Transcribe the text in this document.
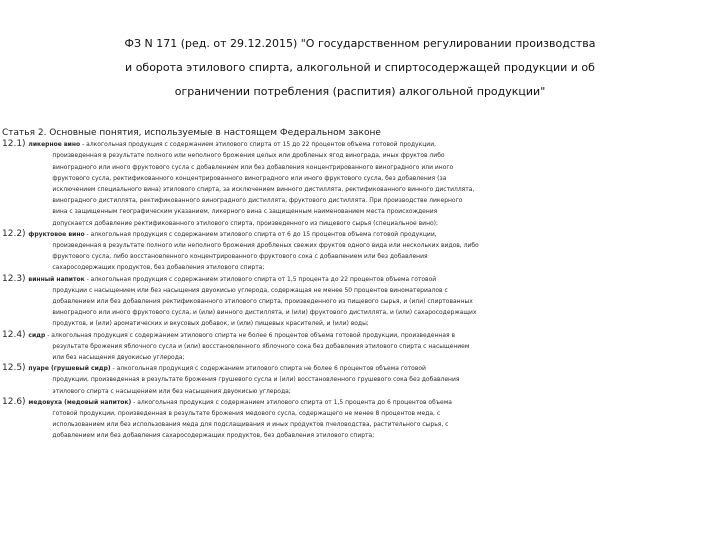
ФЗ N 171 (ред. от 29.12.2015) "О государственном регулировании производства
и оборота этилового спирта, алкогольной и спиртосодержащей продукции и об
ограничении потребления (распития) алкогольной продукции"
Статья 2. Основные понятия, используемые в настоящем Федеральном законе
12.1) ликерное вино - алкогольная продукция с содержанием этилового спирта от 15 до 22 процентов объема готовой продукции,
произведенная в результате полного или неполного брожения целых или дробленых ягод винограда, иных фруктов либо
виноградного или иного фруктового сусла с добавлением или без добавления концентрированного виноградного или иного
фруктового сусла, ректификованного концентрированного виноградного или иного фруктового сусла, без добавления (за
исключением специального вина) этилового спирта, за исключением винного дистиллята, ректификованного винного дистиллята,
виноградного дистиллята, ректификованного виноградного дистиллята, фруктового дистиллята. При производстве ликерного
вина с защищенным географическим указанием, ликерного вина с защищенным наименованием места происхождения
допускается добавление ректификованного этилового спирта, произведенного из пищевого сырья (специальное вино);
12.2) фруктовое вино - алкогольная продукция с содержанием этилового спирта от 6 до 15 процентов объема готовой продукции,
произведенная в результате полного или неполного брожения дробленых свежих фруктов одного вида или нескольких видов, либо
фруктового сусла, либо восстановленного концентрированного фруктового сока с добавлением или без добавления
сахаросодержащих продуктов, без добавления этилового спирта;
12.3) винный напиток - алкогольная продукция с содержанием этилового спирта от 1,5 процента до 22 процентов объема готовой
продукции с насыщением или без насыщения двуокисью углерода, содержащая не менее 50 процентов виноматериалов с
добавлением или без добавления ректификованного этилового спирта, произведенного из пищевого сырья, и (или) спиртованных
виноградного или иного фруктового сусла, и (или) винного дистиллята, и (или) фруктового дистиллята, и (или) сахаросодержащих
продуктов, и (или) ароматических и вкусовых добавок, и (или) пищевых красителей, и (или) воды;
12.4) сидр - алкогольная продукция с содержанием этилового спирта не более 6 процентов объема готовой продукции, произведенная в
результате брожения яблочного сусла и (или) восстановленного яблочного сока без добавления этилового спирта с насыщением
или без насыщения двуокисью углерода;
12.5) пуаре (грушевый сидр) - алкогольная продукция с содержанием этилового спирта не более 6 процентов объема готовой
продукции, произведенная в результате брожения грушевого сусла и (или) восстановленного грушевого сока без добавления
этилового спирта с насыщением или без насыщения двуокисью углерода;
12.6) медовуха (медовый напиток) - алкогольная продукция с содержанием этилового спирта от 1,5 процента до 6 процентов объема
готовой продукции, произведенная в результате брожения медового сусла, содержащего не менее 8 процентов меда, с
использованием или без использования меда для подслащивания и иных продуктов пчеловодства, растительного сырья, с
добавлением или без добавления сахаросодержащих продуктов, без добавления этилового спирта;
